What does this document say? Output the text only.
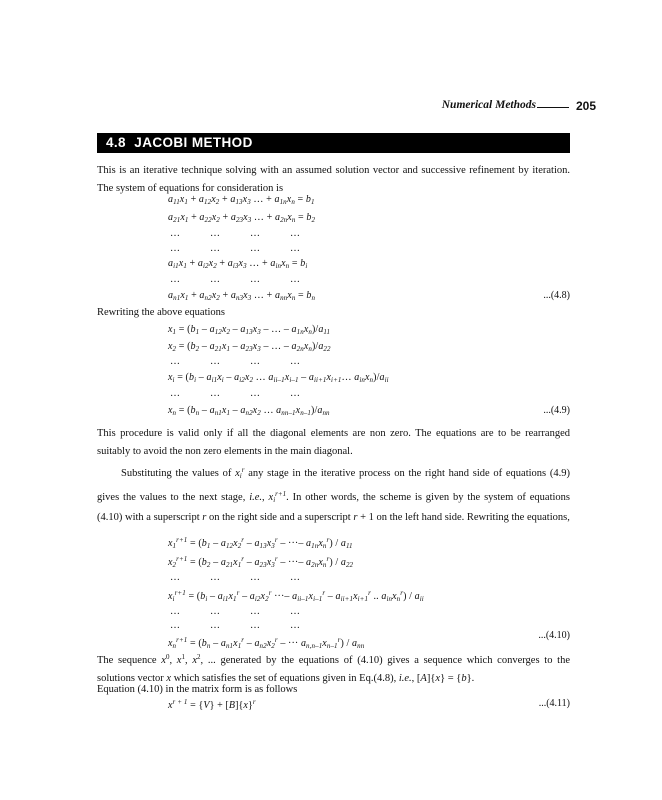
Numerical Methods	205
4.8 JACOBI METHOD
This is an iterative technique solving with an assumed solution vector and successive refinement by iteration. The system of equations for consideration is
$a_{11}x_1 + a_{12}x_2 + a_{13}x_3$ … + $a_{1n}x_n = b_1$
$a_{21}x_1 + a_{22}x_2 + a_{23}x_3$ … + $a_{2n}x_n = b_2$
…	…	…	…
…	…	…	…
$a_{i1}x_1 + a_{i2}x_2 + a_{i3}x_3$ … + $a_{in}x_n = b_i$
…	…	…	…
$a_{n1}x_1 + a_{n2}x_2 + a_{n3}x_3$ … + $a_{nn}x_n = b_n$	...(4.8)
Rewriting the above equations
$x_1 = (b_1 - a_{12}x_2 - a_{13}x_3$ – … – $a_{1n}x_n)/a_{11}$
$x_2 = (b_2 - a_{21}x_1 - a_{23}x_3$ – … – $a_{2n}x_n)/a_{22}$
…	…	…	…
$x_i = (b_i - a_{i1}x_i - a_{i2}x_2$ … $a_{ii-1}x_{i-1}$ – $a_{ii+1}x_{i+1}\dots$ $a_{in}x_n)/a_{ii}$
…	…	…	…
$x_n = (b_n - a_{n1}x_1 - a_{n2}x_2$ … $a_{nn-1}x_{n-1})/a_{nn}$	...(4.9)
This procedure is valid only if all the diagonal elements are non zero. The equations are to be rearranged suitably to avoid the non zero elements in the main diagonal.
Substituting the values of $x_i^r$ any stage in the iterative process on the right hand side of equations (4.9) gives the values to the next stage, i.e., $x_i^{r+1}$. In other words, the scheme is given by the system of equations (4.10) with a superscript r on the right side and a superscript r + 1 on the left hand side. Rewriting the equations,
$x_1^{r+1} = (b_1 - a_{12}x_2^r - a_{13}x_3^r$ – ···– $a_{1n}x_n^r) / a_{11}$
$x_2^{r+1} = (b_2 - a_{21}x_1^r - a_{23}x_3^r$ – ···– $a_{2n}x_n^r) / a_{22}$
…	…	…	…
$x_i^{r+1} = (b_i - a_{i1}x_1^r - a_{i2}x_2^r$ ···– $a_{ii-1}x_{i-1}^r - a_{ii+1}x_{i+1}^r$ .. $a_{in}x_n^r) / a_{ii}$
…	…	…	…
…	…	…	…
$x_n^{r+1} = (b_n - a_{n1}x_1^r - a_{n2}x_2^r$ – ··· $a_{n,n-1}x_{n-1}^r) / a_{nn}$
...(4.10)
The sequence $x^0$, $x^1$, $x^2$, ... generated by the equations of (4.10) gives a sequence which converges to the solutions vector x which satisfies the set of equations given in Eq.(4.8), i.e., [A]{x} = {b}.
Equation (4.10) in the matrix form is as follows
$x^{r + 1} = \{V\} + [B]\{x\}^r$	...(4.11)
